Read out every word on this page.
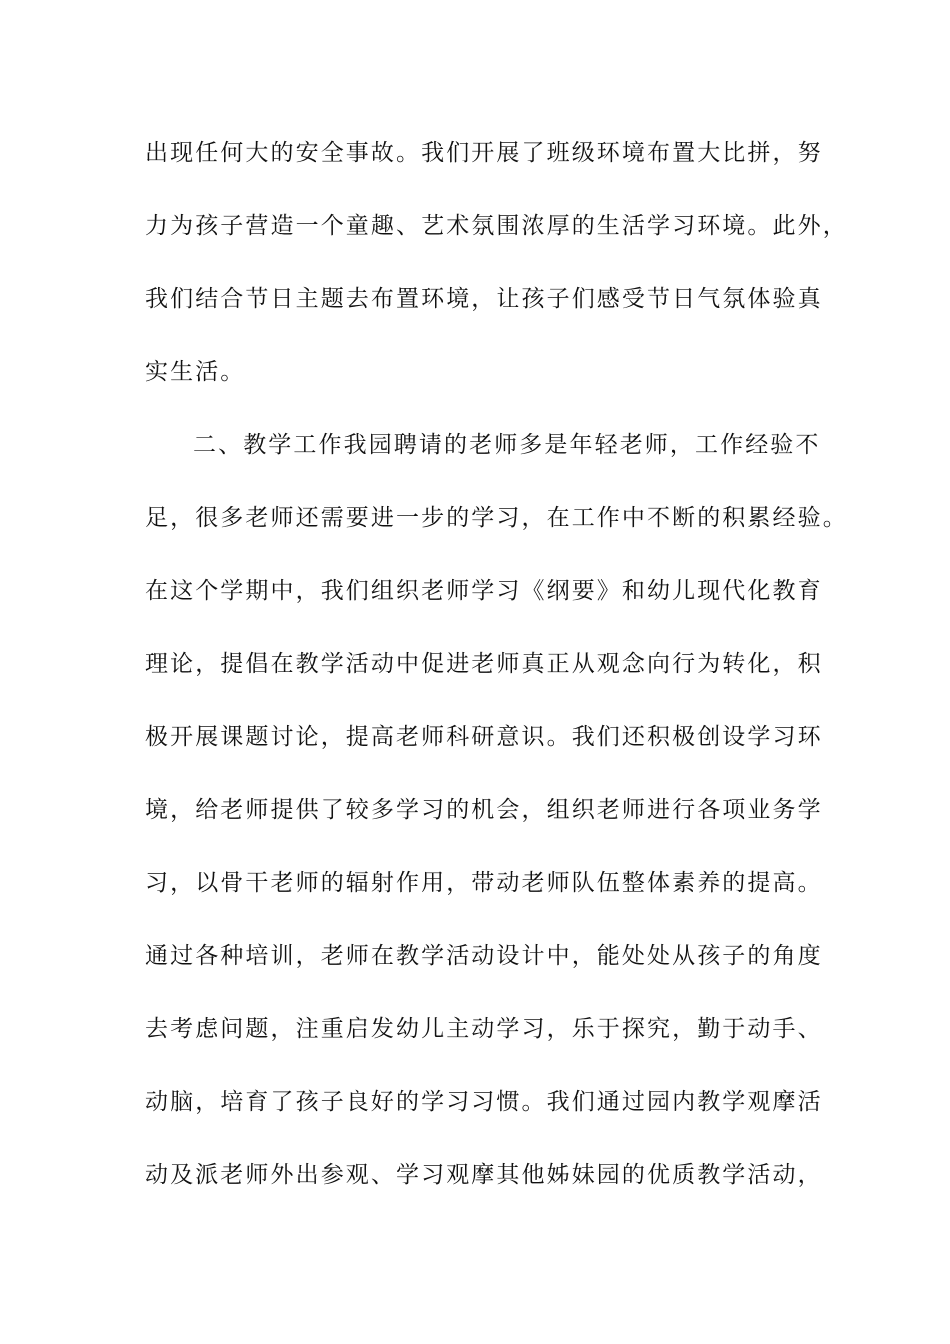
出现任何大的安全事故。我们开展了班级环境布置大比拼，努
力为孩子营造一个童趣、艺术氛围浓厚的生活学习环境。此外，
我们结合节日主题去布置环境，让孩子们感受节日气氛体验真
实生活。
二、教学工作我园聘请的老师多是年轻老师，工作经验不
足，很多老师还需要进一步的学习，在工作中不断的积累经验。
在这个学期中，我们组织老师学习《纲要》和幼儿现代化教育
理论，提倡在教学活动中促进老师真正从观念向行为转化，积
极开展课题讨论，提高老师科研意识。我们还积极创设学习环
境，给老师提供了较多学习的机会，组织老师进行各项业务学
习，以骨干老师的辐射作用，带动老师队伍整体素养的提高。
通过各种培训，老师在教学活动设计中，能处处从孩子的角度
去考虑问题，注重启发幼儿主动学习，乐于探究，勤于动手、
动脑，培育了孩子良好的学习习惯。我们通过园内教学观摩活
动及派老师外出参观、学习观摩其他姊妹园的优质教学活动，
